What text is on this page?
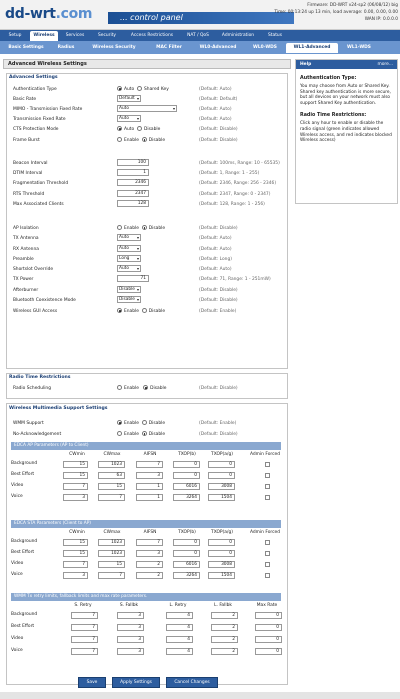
dd-wrt.com	... control panel
Firmware: DD-WRT v24-sp2 (06/08/12) big
Time: 00:13:24 up 13 min, load average: 0.00, 0.00, 0.00
WAN IP: 0.0.0.0
Setup	Wireless	Services	Security	Access Restrictions	NAT / QoS	Administration	Status
Basic Settings	Radius	Wireless Security	MAC Filter	WL0-Advanced	WL0-WDS	WL1-Advanced	WL1-WDS
Advanced Wireless Settings
Advanced Settings
Authentication Type	Auto Shared Key	(Default: Auto)
Basic Rate	Default ▾	(Default: Default)
MIMO - Transmission Fixed Rate	Auto ▾	(Default: Auto)
Transmission Fixed Rate	Auto ▾	(Default: Auto)
CTS Protection Mode	Auto Disable	(Default: Disable)
Frame Burst	Enable Disable	(Default: Disable)
Beacon Interval	100	(Default: 100ms, Range: 10 - 65535)
DTIM Interval	1	(Default: 1, Range: 1 - 255)
Fragmentation Threshold	2346	(Default: 2346, Range: 256 - 2346)
RTS Threshold	2347	(Default: 2347, Range: 0 - 2347)
Max Associated Clients	128	(Default: 128, Range: 1 - 256)
AP Isolation	Enable Disable	(Default: Disable)
TX Antenna	Auto ▾	(Default: Auto)
RX Antenna	Auto ▾	(Default: Auto)
Preamble	Long ▾	(Default: Long)
Shortslot Override	Auto ▾	(Default: Auto)
TX Power	71	(Default: 71, Range: 1 - 251mW)
Afterburner	Disable ▾	(Default: Disable)
Bluetooth Coexistence Mode	Disable ▾	(Default: Disable)
Wireless GUI Access	Enable Disable	(Default: Enable)
Radio Time Restrictions
Radio Scheduling	Enable	Disable	(Default: Disable)
Wireless Multimedia Support Settings
WMM Support	Enable Disable	(Default: Enable)
No-Acknowledgement	Enable Disable	(Default: Disable)
EDCA AP Parameters (AP to Client)
CWmin	CWmax	AIFSN	TXOP(b)	TXOP(a/g)	Admin Forced
Background	15	1023	7	0	0
Best Effort	15	63	3	0	0
Video	7	15	1	6016	3008
Voice	3	7	1	3264	1504
EDCA STA Parameters (Client to AP)
CWmin	CWmax	AIFSN	TXOP(b)	TXOP(a/g)	Admin Forced
Background	15	1023	7	0	0
Best Effort	15	1023	3	0	0
Video	7	15	2	6016	3008
Voice	3	7	2	3264	1504
WMM Tx retry limits, fallback limits and max rate parameters.
S. Retry	S. Fallbk	L. Retry	L. Fallbk	Max Rate
Background	7	3	4	2	0
Best Effort	7	3	4	2	0
Video	7	3	4	2	0
Voice	7	3	4	2	0
Help	more...
Authentication Type:
You may choose from Auto or Shared Key. Shared key authentication is more secure, but all devices on your network must also support Shared Key authentication.
Radio Time Restrictions:
Click any hour to enable or disable the radio signal (green indicates allowed Wireless access, and red indicates blocked Wireless access)
Save	Apply Settings	Cancel Changes
